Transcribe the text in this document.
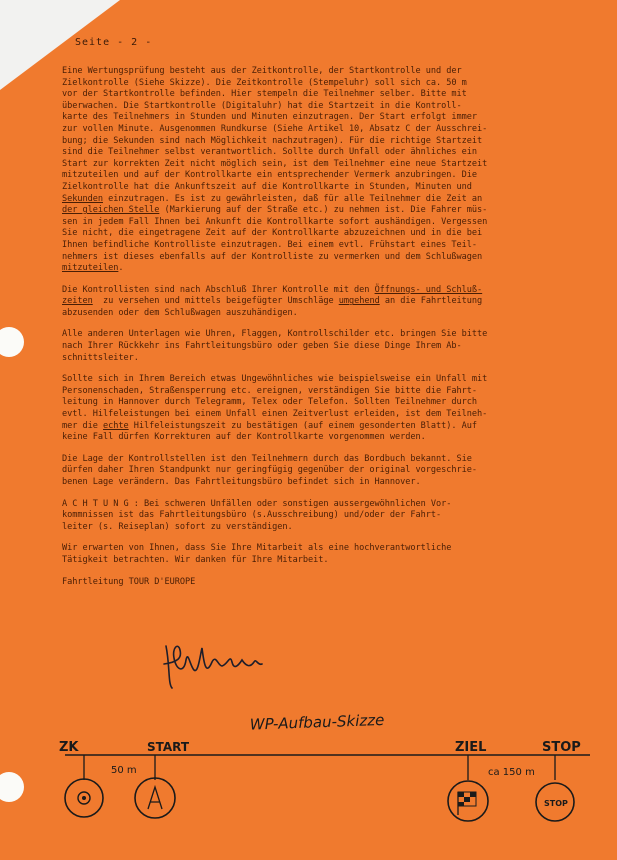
Seite - 2 -

Eine Wertungsprüfung besteht aus der Zeitkontrolle, der Startkontrolle und der
Zielkontrolle (Siehe Skizze). Die Zeitkontrolle (Stempeluhr) soll sich ca. 50 m
vor der Startkontrolle befinden. Hier stempeln die Teilnehmer selber. Bitte mit
überwachen. Die Startkontrolle (Digitaluhr) hat die Startzeit in die Kontroll-
karte des Teilnehmers in Stunden und Minuten einzutragen. Der Start erfolgt immer
zur vollen Minute. Ausgenommen Rundkurse (Siehe Artikel 10, Absatz C der Ausschrei-
bung; die Sekunden sind nach Möglichkeit nachzutragen). Für die richtige Startzeit
sind die Teilnehmer selbst verantwortlich. Sollte durch Unfall oder ähnliches ein
Start zur korrekten Zeit nicht möglich sein, ist dem Teilnehmer eine neue Startzeit
mitzuteilen und auf der Kontrollkarte ein entsprechender Vermerk anzubringen. Die
Zielkontrolle hat die Ankunftszeit auf die Kontrollkarte in Stunden, Minuten und
Sekunden einzutragen. Es ist zu gewährleisten, daß für alle Teilnehmer die Zeit an
der gleichen Stelle (Markierung auf der Straße etc.) zu nehmen ist. Die Fahrer müs-
sen in jedem Fall Ihnen bei Ankunft die Kontrollkarte sofort aushändigen. Vergessen
Sie nicht, die eingetragene Zeit auf der Kontrollkarte abzuzeichnen und in die bei
Ihnen befindliche Kontrolliste einzutragen. Bei einem evtl. Frühstart eines Teil-
nehmers ist dieses ebenfalls auf der Kontrolliste zu vermerken und dem Schlußwagen
mitzuteilen.

Die Kontrollisten sind nach Abschluß Ihrer Kontrolle mit den Öffnungs- und Schluß-
zeiten  zu versehen und mittels beigefügter Umschläge umgehend an die Fahrtleitung
abzusenden oder dem Schlußwagen auszuhändigen.

Alle anderen Unterlagen wie Uhren, Flaggen, Kontrollschilder etc. bringen Sie bitte
nach Ihrer Rückkehr ins Fahrtleitungsbüro oder geben Sie diese Dinge Ihrem Ab-
schnittsleiter.

Sollte sich in Ihrem Bereich etwas Ungewöhnliches wie beispielsweise ein Unfall mit
Personenschaden, Straßensperrung etc. ereignen, verständigen Sie bitte die Fahrt-
leitung in Hannover durch Telegramm, Telex oder Telefon. Sollten Teilnehmer durch
evtl. Hilfeleistungen bei einem Unfall einen Zeitverlust erleiden, ist dem Teilneh-
mer die echte Hilfeleistungszeit zu bestätigen (auf einem gesonderten Blatt). Auf
keine Fall dürfen Korrekturen auf der Kontrollkarte vorgenommen werden.

Die Lage der Kontrollstellen ist den Teilnehmern durch das Bordbuch bekannt. Sie
dürfen daher Ihren Standpunkt nur geringfügig gegenüber der original vorgeschrie-
benen Lage verändern. Das Fahrtleitungsbüro befindet sich in Hannover.

A C H T U N G : Bei schweren Unfällen oder sonstigen aussergewöhnlichen Vor-
kommnissen ist das Fahrtleitungsbüro (s.Ausschreibung) und/oder der Fahrt-
leiter (s. Reiseplan) sofort zu verständigen.

Wir erwarten von Ihnen, dass Sie Ihre Mitarbeit als eine hochverantwortliche
Tätigkeit betrachten. Wir danken für Ihre Mitarbeit.

Fahrtleitung TOUR D'EUROPE

WP-Aufbau-Skizze
ZK	START	ZIEL	STOP
50 m	ca 150 m
STOP
